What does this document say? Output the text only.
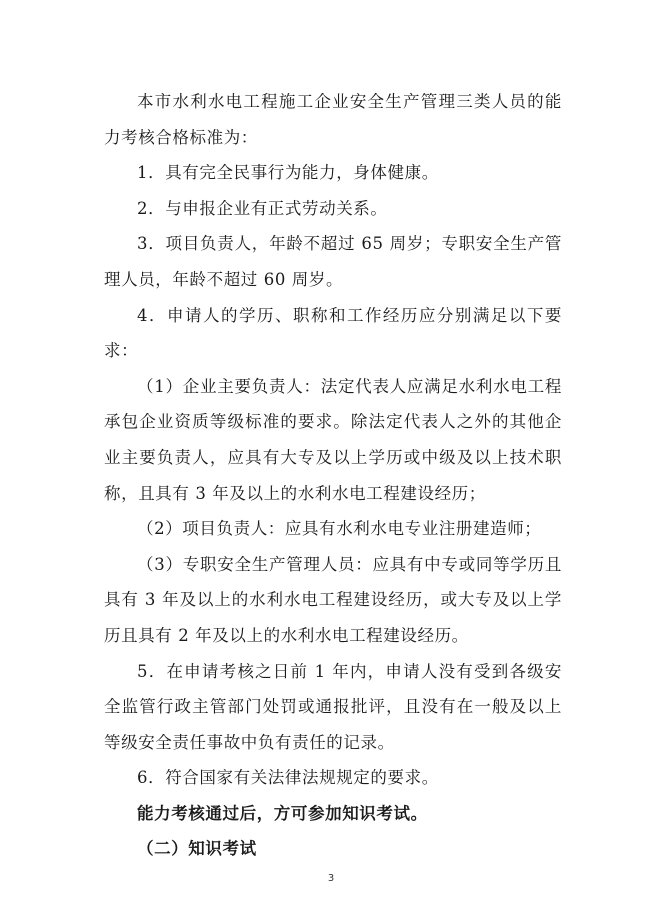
本市水利水电工程施工企业安全生产管理三类人员的能力考核合格标准为：

1．具有完全民事行为能力，身体健康。

2．与申报企业有正式劳动关系。

3．项目负责人，年龄不超过 65 周岁；专职安全生产管理人员，年龄不超过 60 周岁。

4．申请人的学历、职称和工作经历应分别满足以下要求：

（1）企业主要负责人：法定代表人应满足水利水电工程承包企业资质等级标准的要求。除法定代表人之外的其他企业主要负责人，应具有大专及以上学历或中级及以上技术职称，且具有 3 年及以上的水利水电工程建设经历；

（2）项目负责人：应具有水利水电专业注册建造师；

（3）专职安全生产管理人员：应具有中专或同等学历且具有 3 年及以上的水利水电工程建设经历，或大专及以上学历且具有 2 年及以上的水利水电工程建设经历。

5．在申请考核之日前 1 年内，申请人没有受到各级安全监管行政主管部门处罚或通报批评，且没有在一般及以上等级安全责任事故中负有责任的记录。

6．符合国家有关法律法规规定的要求。

能力考核通过后，方可参加知识考试。

（二）知识考试

3
